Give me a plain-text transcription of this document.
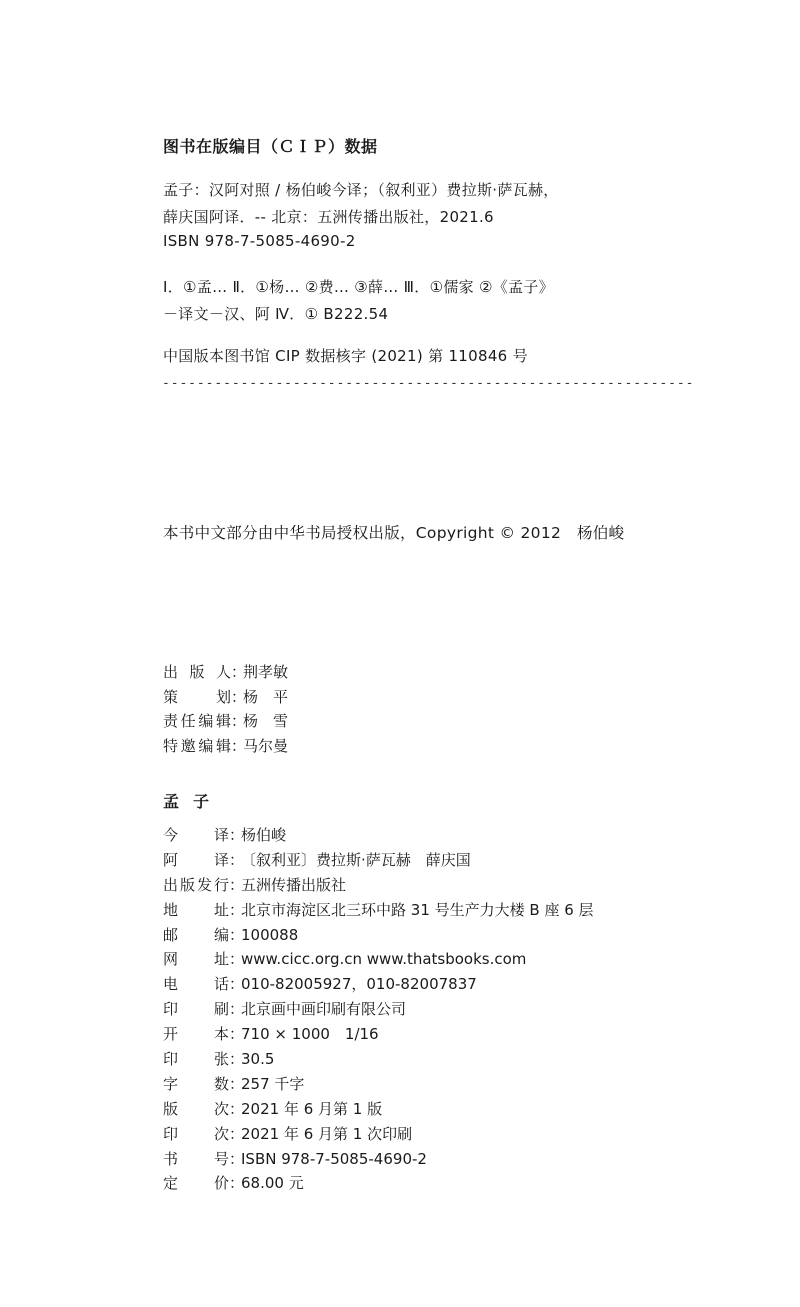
图书在版编目（ＣＩＰ）数据
孟子：汉阿对照 / 杨伯峻今译；（叙利亚）费拉斯·萨瓦赫，
薛庆国阿译．-- 北京：五洲传播出版社，2021.6
ISBN 978-7-5085-4690-2
Ⅰ．①孟… Ⅱ．①杨… ②费… ③薛… Ⅲ．①儒家 ②《孟子》
－译文－汉、阿 Ⅳ．① B222.54
中国版本图书馆 CIP 数据核字 (2021) 第 110846 号
-------------------------------------------------------------
本书中文部分由中华书局授权出版，Copyright © 2012　杨伯峻
出版人 ：
荆孝敏
策划 ：
杨　平
责任编辑 ：
杨　雪
特邀编辑 ：
马尔曼
孟子
今译 ：
杨伯峻
阿译 ：
〔叙利亚〕费拉斯·萨瓦赫　薛庆国
出版发行 ：
五洲传播出版社
地址 ：
北京市海淀区北三环中路 31 号生产力大楼 B 座 6 层
邮编 ：
100088
网址 ：
www.cicc.org.cn www.thatsbooks.com
电话 ：
010-82005927，010-82007837
印刷 ：
北京画中画印刷有限公司
开本 ：
710 × 1000　1/16
印张 ：
30.5
字数 ：
257 千字
版次 ：
2021 年 6 月第 1 版
印次 ：
2021 年 6 月第 1 次印刷
书号 ：
ISBN 978-7-5085-4690-2
定价 ：
68.00 元
